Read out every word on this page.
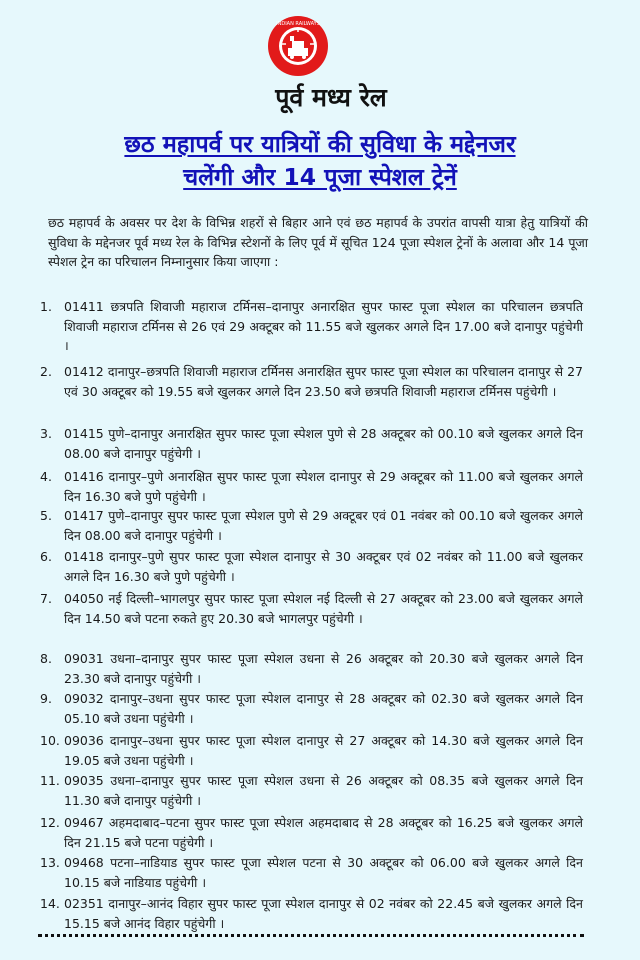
INDIAN RAILWAYS
पूर्व मध्य रेल
छठ महापर्व पर यात्रियों की सुविधा के मद्देनजर
चलेंगी और 14 पूजा स्पेशल ट्रेनें
छठ महापर्व के अवसर पर देश के विभिन्न शहरों से बिहार आने एवं छठ महापर्व के उपरांत वापसी यात्रा हेतु यात्रियों की सुविधा के मद्देनजर पूर्व मध्य रेल के विभिन्न स्टेशनों के लिए पूर्व में सूचित 124 पूजा स्पेशल ट्रेनों के अलावा और 14 पूजा स्पेशल ट्रेन का परिचालन निम्नानुसार किया जाएगा :
1. 01411 छत्रपति शिवाजी महाराज टर्मिनस–दानापुर अनारक्षित सुपर फास्ट पूजा स्पेशल का परिचालन छत्रपति शिवाजी महाराज टर्मिनस से 26 एवं 29 अक्टूबर को 11.55 बजे खुलकर अगले दिन 17.00 बजे दानापुर पहुंचेगी ।
2. 01412 दानापुर–छत्रपति शिवाजी महाराज टर्मिनस अनारक्षित सुपर फास्ट पूजा स्पेशल का परिचालन दानापुर से 27 एवं 30 अक्टूबर को 19.55 बजे खुलकर अगले दिन 23.50 बजे छत्रपति शिवाजी महाराज टर्मिनस पहुंचेगी ।
3. 01415 पुणे–दानापुर अनारक्षित सुपर फास्ट पूजा स्पेशल पुणे से 28 अक्टूबर को 00.10 बजे खुलकर अगले दिन 08.00 बजे दानापुर पहुंचेगी ।
4. 01416 दानापुर–पुणे अनारक्षित सुपर फास्ट पूजा स्पेशल दानापुर से 29 अक्टूबर को 11.00 बजे खुलकर अगले दिन 16.30 बजे पुणे पहुंचेगी ।
5. 01417 पुणे–दानापुर सुपर फास्ट पूजा स्पेशल पुणे से 29 अक्टूबर एवं 01 नवंबर को 00.10 बजे खुलकर अगले दिन 08.00 बजे दानापुर पहुंचेगी ।
6. 01418 दानापुर–पुणे सुपर फास्ट पूजा स्पेशल दानापुर से 30 अक्टूबर एवं 02 नवंबर को 11.00 बजे खुलकर अगले दिन 16.30 बजे पुणे पहुंचेगी ।
7. 04050 नई दिल्ली–भागलपुर सुपर फास्ट पूजा स्पेशल नई दिल्ली से 27 अक्टूबर को 23.00 बजे खुलकर अगले दिन 14.50 बजे पटना रुकते हुए 20.30 बजे भागलपुर पहुंचेगी ।
8. 09031 उधना–दानापुर सुपर फास्ट पूजा स्पेशल उधना से 26 अक्टूबर को 20.30 बजे खुलकर अगले दिन 23.30 बजे दानापुर पहुंचेगी ।
9. 09032 दानापुर–उधना सुपर फास्ट पूजा स्पेशल दानापुर से 28 अक्टूबर को 02.30 बजे खुलकर अगले दिन 05.10 बजे उधना पहुंचेगी ।
10. 09036 दानापुर–उधना सुपर फास्ट पूजा स्पेशल दानापुर से 27 अक्टूबर को 14.30 बजे खुलकर अगले दिन 19.05 बजे उधना पहुंचेगी ।
11. 09035 उधना–दानापुर सुपर फास्ट पूजा स्पेशल उधना से 26 अक्टूबर को 08.35 बजे खुलकर अगले दिन 11.30 बजे दानापुर पहुंचेगी ।
12. 09467 अहमदाबाद–पटना सुपर फास्ट पूजा स्पेशल अहमदाबाद से 28 अक्टूबर को 16.25 बजे खुलकर अगले दिन 21.15 बजे पटना पहुंचेगी ।
13. 09468 पटना–नाडियाड सुपर फास्ट पूजा स्पेशल पटना से 30 अक्टूबर को 06.00 बजे खुलकर अगले दिन 10.15 बजे नाडियाड पहुंचेगी ।
14. 02351 दानापुर–आनंद विहार सुपर फास्ट पूजा स्पेशल दानापुर से 02 नवंबर को 22.45 बजे खुलकर अगले दिन 15.15 बजे आनंद विहार पहुंचेगी ।
